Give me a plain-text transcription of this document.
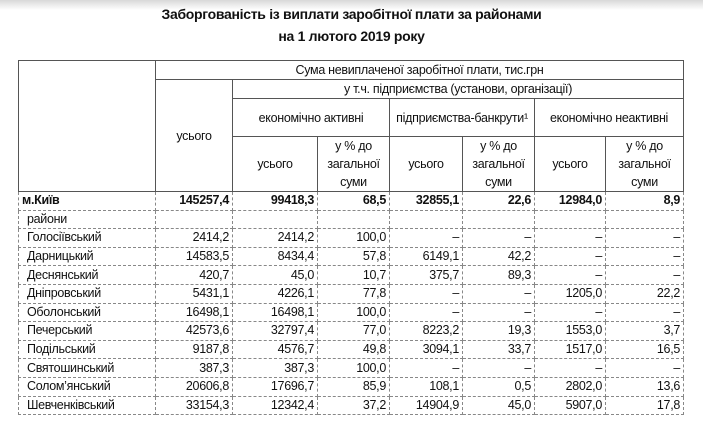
Заборгованість із виплати заробітної плати за районами
на 1 лютого 2019 року
	Сума невиплаченої заробітної плати, тис.грн						
	усього	у т.ч. підприємства (установи, організації)					
		економічно активні		підприємства-банкрути¹		економічно неактивні	
		усього	у % до загальної суми	усього	у % до загальної суми	усього	у % до загальної суми
м.Київ	145257,4	99418,3	68,5	32855,1	22,6	12984,0	8,9
райони							
Голосіївський	2414,2	2414,2	100,0	–	–	–	–
Дарницький	14583,5	8434,4	57,8	6149,1	42,2	–	–
Деснянський	420,7	45,0	10,7	375,7	89,3	–	–
Дніпровський	5431,1	4226,1	77,8	–	–	1205,0	22,2
Оболонський	16498,1	16498,1	100,0	–	–	–	–
Печерський	42573,6	32797,4	77,0	8223,2	19,3	1553,0	3,7
Подільський	9187,8	4576,7	49,8	3094,1	33,7	1517,0	16,5
Святошинський	387,3	387,3	100,0	–	–	–	–
Солом’янський	20606,8	17696,7	85,9	108,1	0,5	2802,0	13,6
Шевченківський	33154,3	12342,4	37,2	14904,9	45,0	5907,0	17,8
